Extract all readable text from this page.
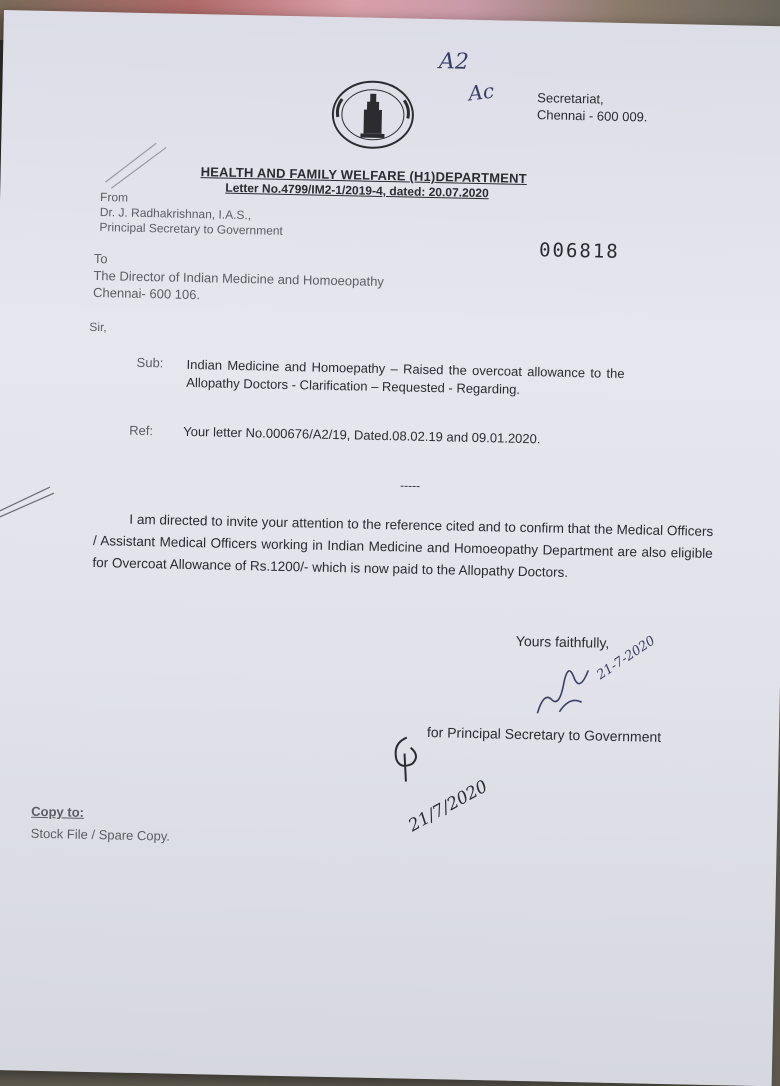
A2
Ac	Secretariat,
Chennai - 600 009.
HEALTH AND FAMILY WELFARE (H1)DEPARTMENT
Letter No.4799/IM2-1/2019-4, dated: 20.07.2020
From
Dr. J. Radhakrishnan, I.A.S.,
Principal Secretary to Government
006818
To
The Director of Indian Medicine and Homoeopathy
Chennai- 600 106.
Sir,
Sub: Indian Medicine and Homoepathy – Raised the overcoat allowance to the Allopathy Doctors - Clarification – Requested - Regarding.
Ref: Your letter No.000676/A2/19, Dated.08.02.19 and 09.01.2020.
-----
I am directed to invite your attention to the reference cited and to confirm that the Medical Officers / Assistant Medical Officers working in Indian Medicine and Homoeopathy Department are also eligible for Overcoat Allowance of Rs.1200/- which is now paid to the Allopathy Doctors.
Yours faithfully,
21-7-2020
for Principal Secretary to Government
21/7/2020
Copy to:
Stock File / Spare Copy.
